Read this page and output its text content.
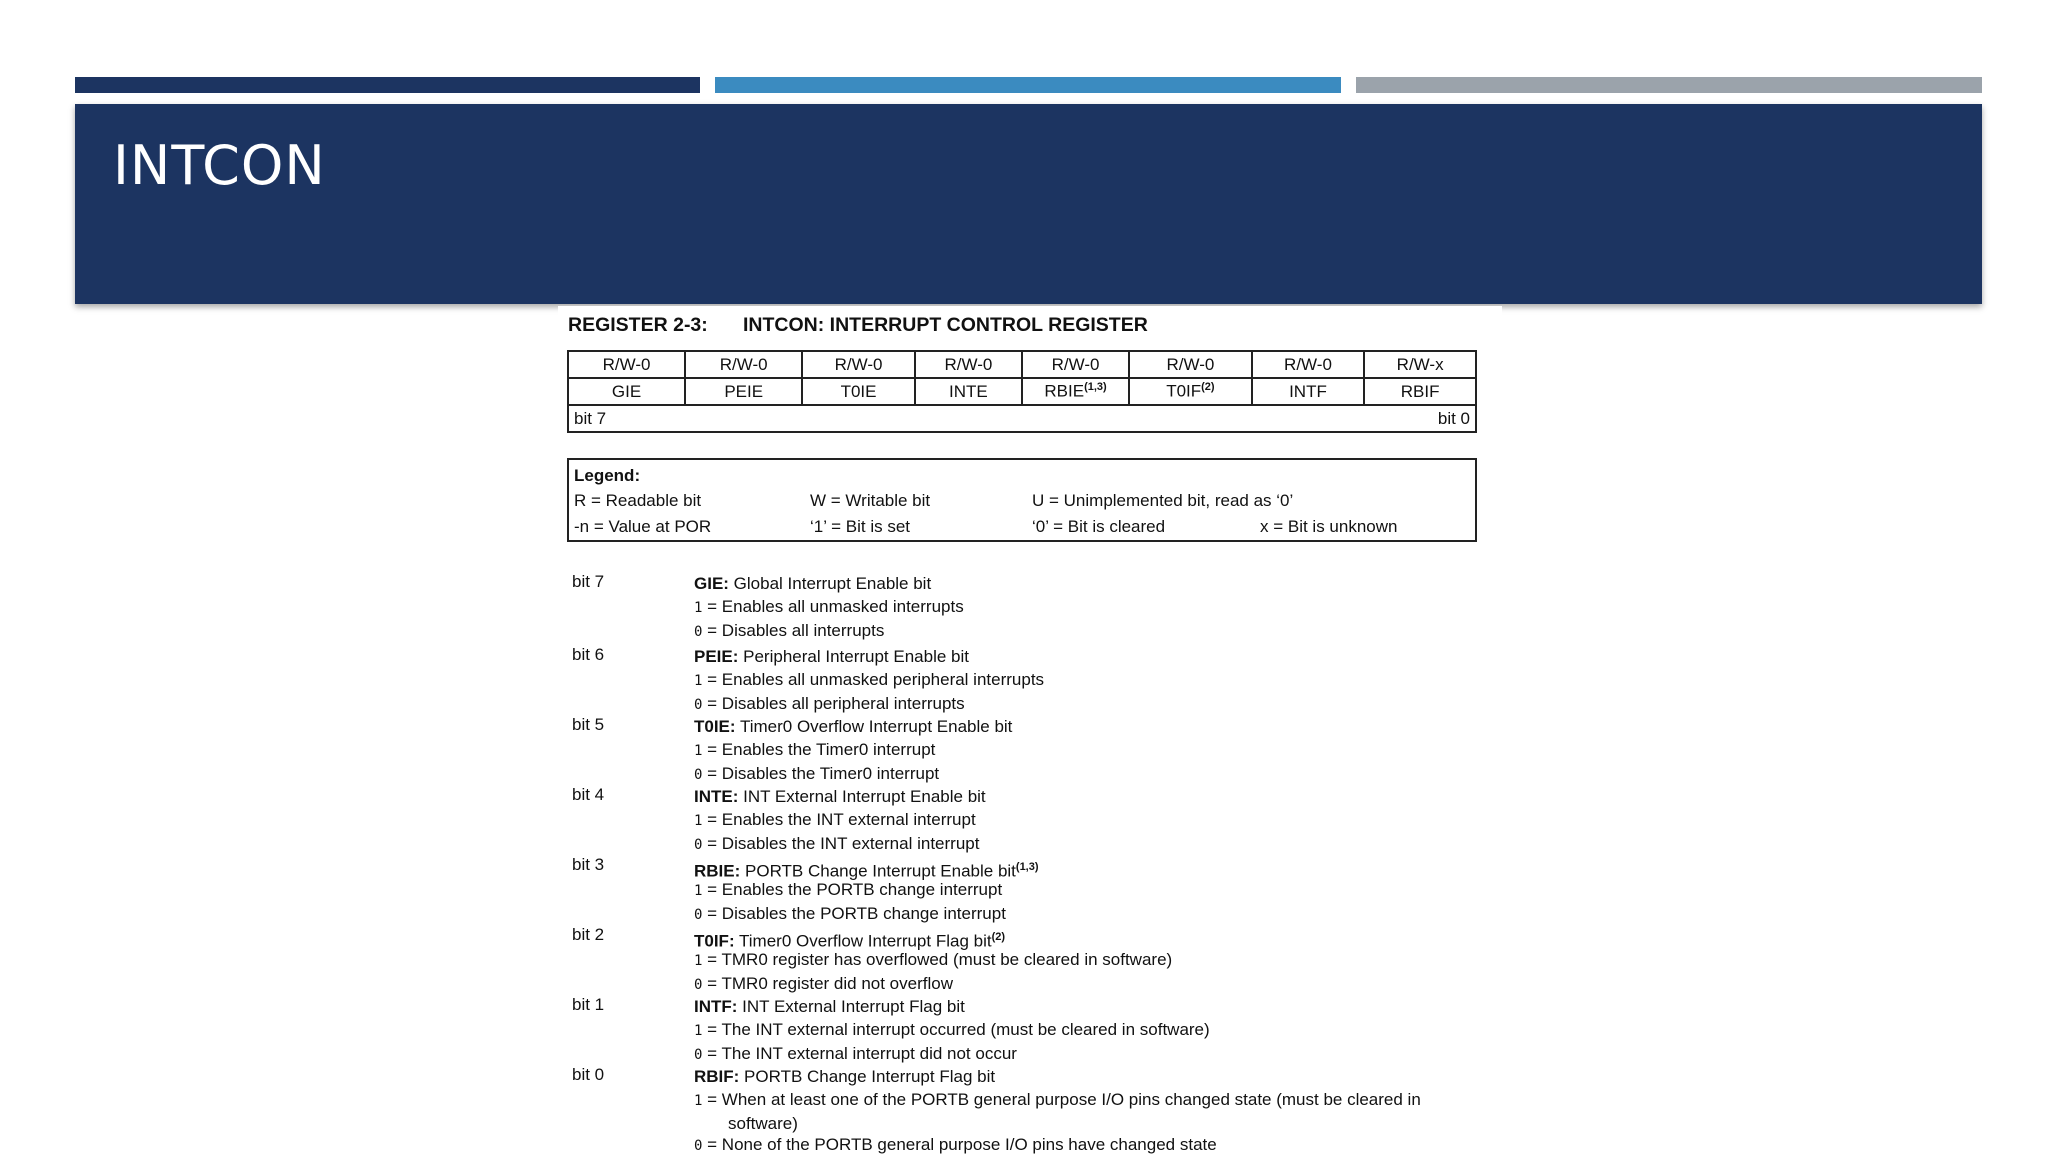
INTCON
REGISTER 2-3: INTCON: INTERRUPT CONTROL REGISTER
R/W-0	R/W-0	R/W-0	R/W-0	R/W-0	R/W-0	R/W-0	R/W-x
GIE	PEIE	T0IE	INTE	RBIE$^{(1,3)}$	T0IF$^{(2)}$	INTF	RBIF
bit 7 bit 0							
Legend:
R = Readable bit	W = Writable bit	U = Unimplemented bit, read as ‘0’
-n = Value at POR	‘1’ = Bit is set	‘0’ = Bit is cleared	x = Bit is unknown
bit 7	GIE: Global Interrupt Enable bit
1 = Enables all unmasked interrupts
0 = Disables all interrupts
bit 6	PEIE: Peripheral Interrupt Enable bit
1 = Enables all unmasked peripheral interrupts
0 = Disables all peripheral interrupts
bit 5	T0IE: Timer0 Overflow Interrupt Enable bit
1 = Enables the Timer0 interrupt
0 = Disables the Timer0 interrupt
bit 4	INTE: INT External Interrupt Enable bit
1 = Enables the INT external interrupt
0 = Disables the INT external interrupt
bit 3	RBIE: PORTB Change Interrupt Enable bit$^{(1,3)}$
1 = Enables the PORTB change interrupt
0 = Disables the PORTB change interrupt
bit 2	T0IF: Timer0 Overflow Interrupt Flag bit$^{(2)}$
1 = TMR0 register has overflowed (must be cleared in software)
0 = TMR0 register did not overflow
bit 1	INTF: INT External Interrupt Flag bit
1 = The INT external interrupt occurred (must be cleared in software)
0 = The INT external interrupt did not occur
bit 0	RBIF: PORTB Change Interrupt Flag bit
1 = When at least one of the PORTB general purpose I/O pins changed state (must be cleared in
software)
0 = None of the PORTB general purpose I/O pins have changed state
